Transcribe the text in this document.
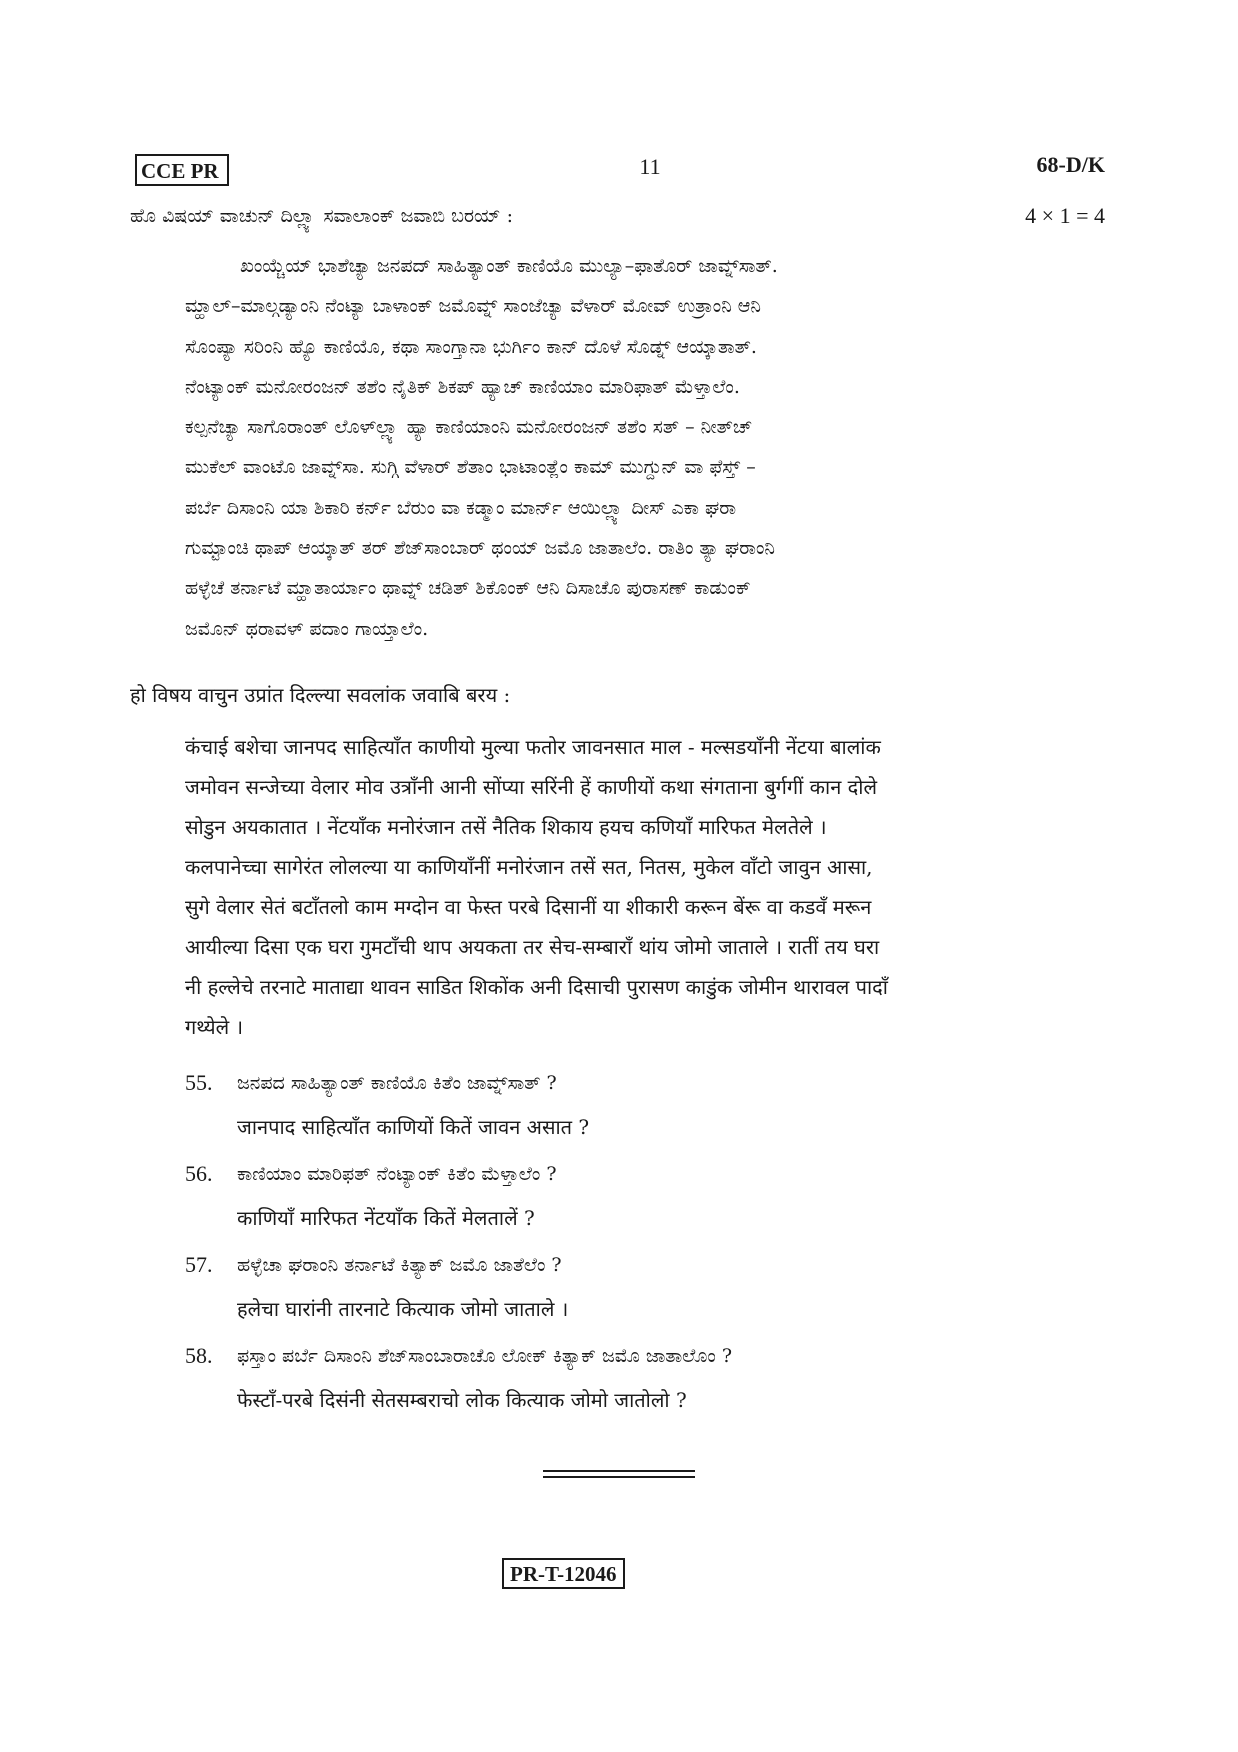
CCE PR	11	68-D/K
ಹೊ ವಿಷಯ್ ವಾಚುನ್ ದಿಲ್ಲ್ಯಾ ಸವಾಲಾಂಕ್ ಜವಾಬಿ ಬರಯ್ :	4 × 1 = 4
ಖಂಯ್ಚೆಯ್ ಭಾಶೆಚ್ಯಾ ಜನಪದ್ ಸಾಹಿತ್ಯಾಂತ್ ಕಾಣಿಯೊ ಮುಲ್ಯಾ–ಫಾತೊರ್ ಜಾವ್ನ್‌ಸಾತ್.
ಮ್ಹಾಲ್–ಮಾಲ್ಗಡ್ಯಾಂನಿ ನೆಂಟ್ಯಾ ಬಾಳಾಂಕ್ ಜಮೊವ್ನ್ ಸಾಂಜೆಚ್ಯಾ ವೆಳಾರ್ ಮೋವ್ ಉತ್ರಾಂನಿ ಆನಿ
ಸೊಂಪ್ಯಾ ಸರಿಂನಿ ಹ್ಯೊ ಕಾಣಿಯೊ, ಕಥಾ ಸಾಂಗ್ತಾನಾ ಭುರ್ಗಿಂ ಕಾನ್ ದೊಳೆ ಸೊಡ್ನ್ ಆಯ್ಕಾತಾತ್.
ನೆಂಟ್ಯಾಂಕ್ ಮನೋರಂಜನ್ ತಶೆಂ ನೈತಿಕ್ ಶಿಕಪ್ ಹ್ಯಾಚ್ ಕಾಣಿಯಾಂ ಮಾರಿಫಾತ್ ಮೆಳ್ತಾಲೆಂ.
ಕಲ್ಪನೆಚ್ಯಾ ಸಾಗೊರಾಂತ್ ಲೊಳ್‌ಲ್ಲ್ಯಾ ಹ್ಯಾ ಕಾಣಿಯಾಂನಿ ಮನೋರಂಜನ್ ತಶೆಂ ಸತ್ – ನೀತ್‌ಚ್
ಮುಕೆಲ್ ವಾಂಟೊ ಜಾವ್ನ್‌ಸಾ. ಸುಗ್ಗಿ ವೆಳಾರ್ ಶೆತಾಂ ಭಾಟಾಂತ್ಲೆಂ ಕಾಮ್ ಮುಗ್ದುನ್ ವಾ ಫೆಸ್ತ್ –
ಪರ್ಬೆ ದಿಸಾಂನಿ ಯಾ ಶಿಕಾರಿ ಕರ್ನ್ ಬೆರುಂ ವಾ ಕಡ್ಮಾಂ ಮಾರ್ನ್ ಆಯಿಲ್ಲ್ಯಾ ದೀಸ್ ಎಕಾ ಘರಾ
ಗುಮ್ಟಾಂಚಿ ಥಾಪ್ ಆಯ್ಕಾತ್ ತರ್ ಶೆಜ್‌ಸಾಂಬಾರ್ ಥಂಯ್ ಜಮೊ ಜಾತಾಲೆಂ. ರಾತಿಂ ತ್ಯಾ ಘರಾಂನಿ
ಹಳ್ಳೆಚೆ ತರ್ನಾಟೆ ಮ್ಹಾತಾರ್ಯಾಂ ಥಾವ್ನ್ ಚಡಿತ್ ಶಿಕೊಂಕ್ ಆನಿ ದಿಸಾಚೊ ಪುರಾಸಣ್ ಕಾಡುಂಕ್
ಜಮೊನ್ ಥರಾವಳ್ ಪದಾಂ ಗಾಯ್ತಾಲೆಂ.
हो विषय वाचुन उप्रांत दिल्ल्या सवलांक जवाबि बरय :
कंचाई बशेचा जानपद साहित्यॉंत काणीयो मुल्या फतोर जावनसात माल - मल्सडयॉंनी नेंटया बालांक
जमोवन सन्जेच्या वेलार मोव उत्रॉंनी आनी सोंप्या सरिंनी हें काणीयों कथा संगताना बुर्गगीं कान दोले
सोडुन अयकातात । नेंटयॉंक मनोरंजान तसें नैतिक शिकाय हयच कणियॉं मारिफत मेलतेले ।
कलपानेच्चा सागेरंत लोलल्या या काणियॉंनीं मनोरंजान तसें सत, नितस, मुकेल वॉंटो जावुन आसा,
सुगे वेलार सेतं बटॉंतलो काम मग्दोन वा फेस्त परबे दिसानीं या शीकारी करून बेंरू वा कडवँ मरून
आयील्या दिसा एक घरा गुमटॉंची थाप अयकता तर सेच-सम्बारॉं थांय जोमो जाताले । रातीं तय घरा
नी हल्लेचे तरनाटे माताद्या थावन साडित शिकोंक अनी दिसाची पुरासण काडुंक जोमीन थारावल पादॉं
गथ्येले ।
55. ಜನಪದ ಸಾಹಿತ್ಯಾಂತ್ ಕಾಣಿಯೊ ಕಿತೆಂ ಜಾವ್ನ್‌ಸಾತ್ ?
जानपाद साहित्यॉंत काणियों कितें जावन असात ?
56. ಕಾಣಿಯಾಂ ಮಾರಿಫತ್ ನೆಂಟ್ಯಾಂಕ್ ಕಿತೆಂ ಮೆಳ್ತಾಲೆಂ ?
काणियॉं मारिफत नेंटयॉंक कितें मेलतालें ?
57. ಹಳ್ಳೆಚಾ ಘರಾಂನಿ ತರ್ನಾಟೆ ಕಿತ್ಯಾಕ್ ಜಮೊ ಜಾತೆಲೆಂ ?
हलेचा घारांनी तारनाटे कित्याक जोमो जाताले ।
58. ಫಸ್ತಾಂ ಪರ್ಬೆ ದಿಸಾಂನಿ ಶೆಜ್‌ಸಾಂಬಾರಾಚೊ ಲೋಕ್ ಕಿತ್ಯಾಕ್ ಜಮೊ ಜಾತಾಲೊಂ ?
फेस्टॉं-परबे दिसंनी सेतसम्बराचो लोक कित्याक जोमो जातोलो ?
PR-T-12046
